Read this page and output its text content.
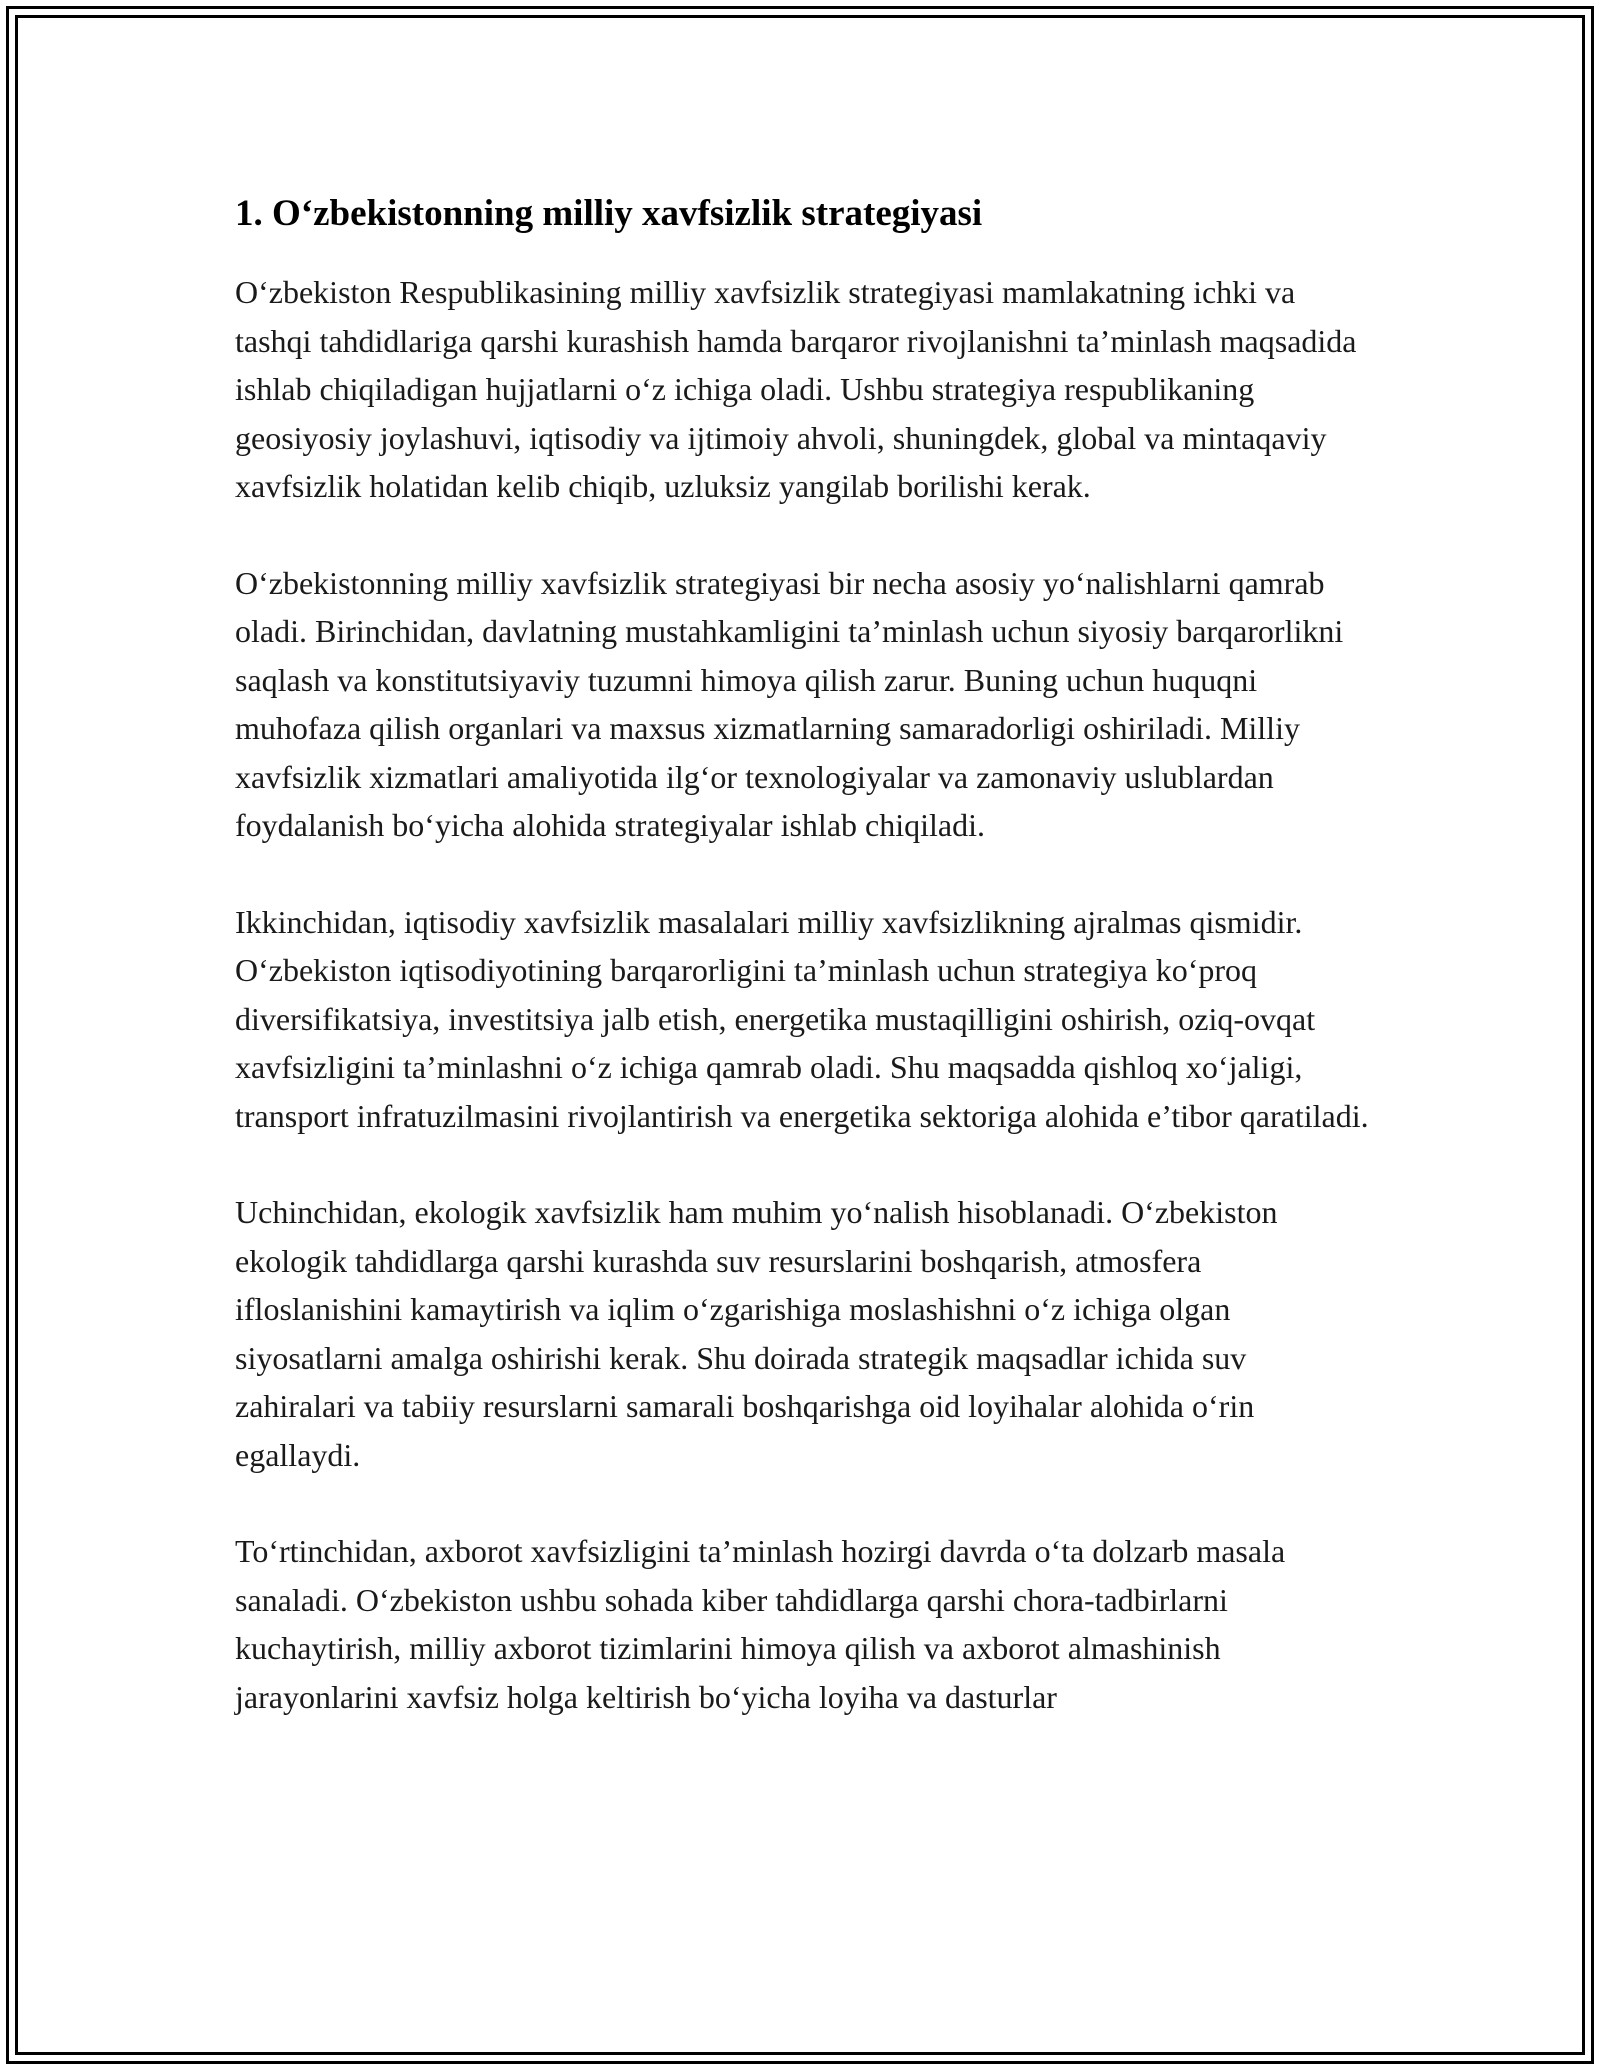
1. O‘zbekistonning milliy xavfsizlik strategiyasi

O‘zbekiston Respublikasining milliy xavfsizlik strategiyasi mamlakatning ichki va tashqi tahdidlariga qarshi kurashish hamda barqaror rivojlanishni ta’minlash maqsadida ishlab chiqiladigan hujjatlarni o‘z ichiga oladi. Ushbu strategiya respublikaning geosiyosiy joylashuvi, iqtisodiy va ijtimoiy ahvoli, shuningdek, global va mintaqaviy xavfsizlik holatidan kelib chiqib, uzluksiz yangilab borilishi kerak.

O‘zbekistonning milliy xavfsizlik strategiyasi bir necha asosiy yo‘nalishlarni qamrab oladi. Birinchidan, davlatning mustahkamligini ta’minlash uchun siyosiy barqarorlikni saqlash va konstitutsiyaviy tuzumni himoya qilish zarur. Buning uchun huquqni muhofaza qilish organlari va maxsus xizmatlarning samaradorligi oshiriladi. Milliy xavfsizlik xizmatlari amaliyotida ilg‘or texnologiyalar va zamonaviy uslublardan foydalanish bo‘yicha alohida strategiyalar ishlab chiqiladi.

Ikkinchidan, iqtisodiy xavfsizlik masalalari milliy xavfsizlikning ajralmas qismidir. O‘zbekiston iqtisodiyotining barqarorligini ta’minlash uchun strategiya ko‘proq diversifikatsiya, investitsiya jalb etish, energetika mustaqilligini oshirish, oziq-ovqat xavfsizligini ta’minlashni o‘z ichiga qamrab oladi. Shu maqsadda qishloq xo‘jaligi, transport infratuzilmasini rivojlantirish va energetika sektoriga alohida e’tibor qaratiladi.

Uchinchidan, ekologik xavfsizlik ham muhim yo‘nalish hisoblanadi. O‘zbekiston ekologik tahdidlarga qarshi kurashda suv resurslarini boshqarish, atmosfera ifloslanishini kamaytirish va iqlim o‘zgarishiga moslashishni o‘z ichiga olgan siyosatlarni amalga oshirishi kerak. Shu doirada strategik maqsadlar ichida suv zahiralari va tabiiy resurslarni samarali boshqarishga oid loyihalar alohida o‘rin egallaydi.

To‘rtinchidan, axborot xavfsizligini ta’minlash hozirgi davrda o‘ta dolzarb masala sanaladi. O‘zbekiston ushbu sohada kiber tahdidlarga qarshi chora-tadbirlarni kuchaytirish, milliy axborot tizimlarini himoya qilish va axborot almashinish jarayonlarini xavfsiz holga keltirish bo‘yicha loyiha va dasturlar
